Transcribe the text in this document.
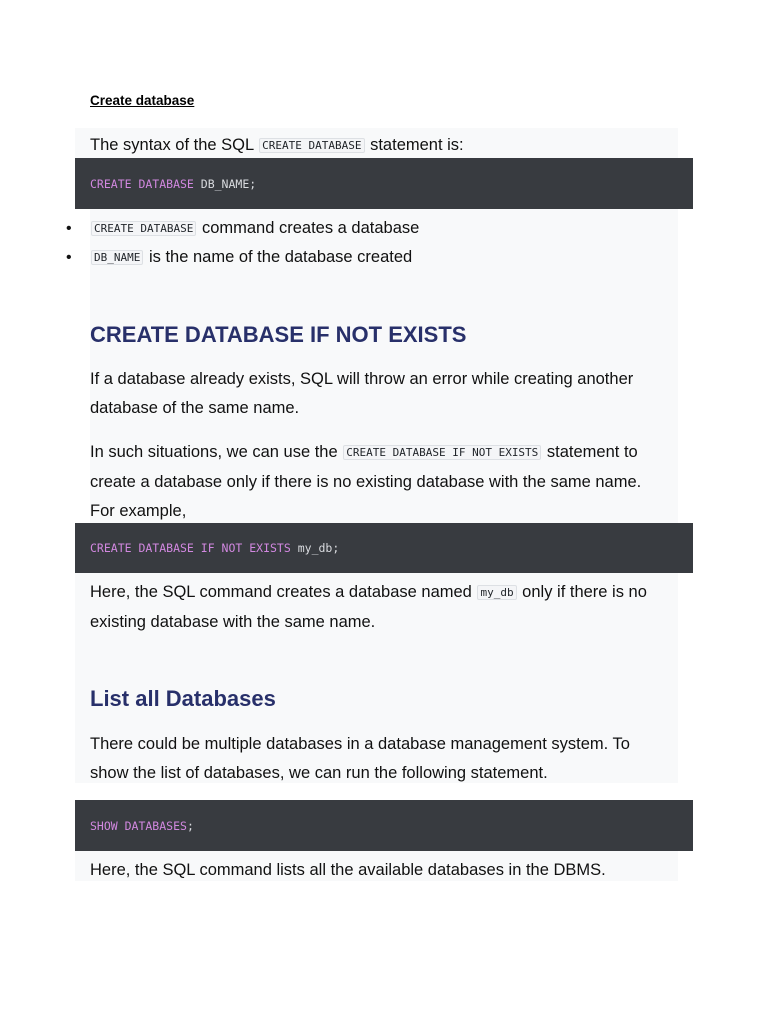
Create database
The syntax of the SQL CREATE DATABASE statement is:
CREATE DATABASE DB_NAME;
•	CREATE DATABASE command creates a database
•	DB_NAME is the name of the database created
CREATE DATABASE IF NOT EXISTS
If a database already exists, SQL will throw an error while creating another
database of the same name.
In such situations, we can use the CREATE DATABASE IF NOT EXISTS statement to
create a database only if there is no existing database with the same name.
For example,
CREATE DATABASE IF NOT EXISTS my_db;
Here, the SQL command creates a database named my_db only if there is no
existing database with the same name.
List all Databases
There could be multiple databases in a database management system. To
show the list of databases, we can run the following statement.
SHOW DATABASES ;
Here, the SQL command lists all the available databases in the DBMS.
